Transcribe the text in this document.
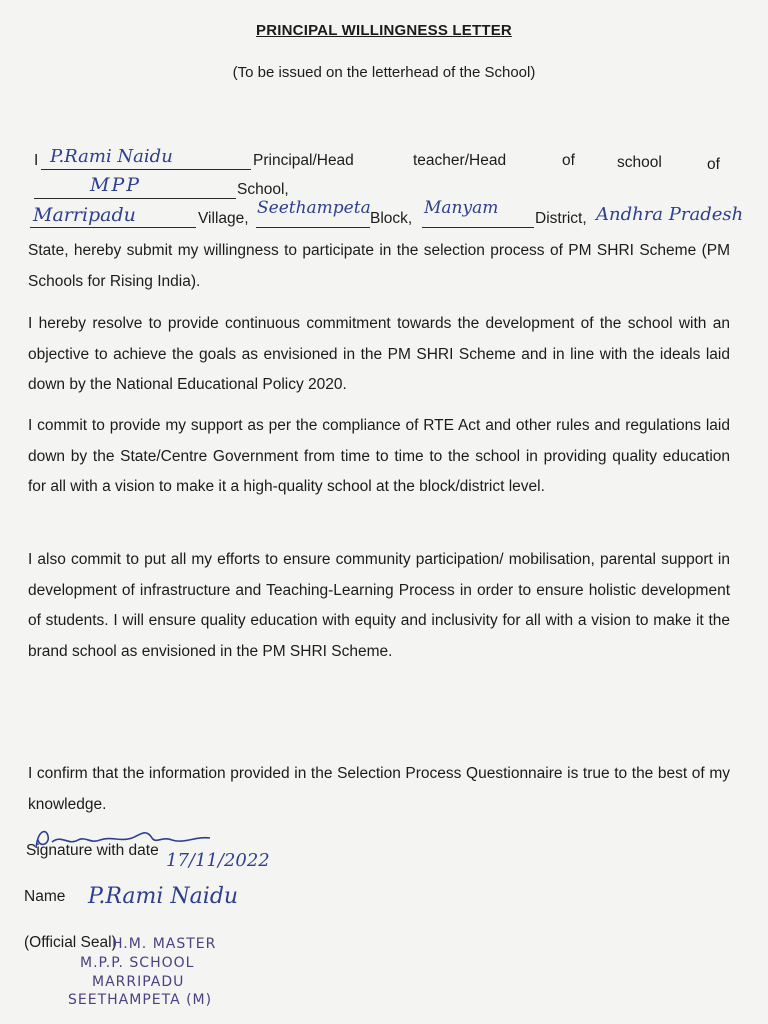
PRINCIPAL WILLINGNESS LETTER
(To be issued on the letterhead of the School)
I P.Rami Naidu	Principal/Head	teacher/Head	of	school	of
MPP	School,
Marripadu	Village,
Seethampeta
Block,
Manyam
District, Andhra Pradesh

State, hereby submit my willingness to participate in the selection process of PM SHRI Scheme (PM Schools for Rising India).

I hereby resolve to provide continuous commitment towards the development of the school with an objective to achieve the goals as envisioned in the PM SHRI Scheme and in line with the ideals laid down by the National Educational Policy 2020.

I commit to provide my support as per the compliance of RTE Act and other rules and regulations laid down by the State/Centre Government from time to time to the school in providing quality education for all with a vision to make it a high-quality school at the block/district level.

I also commit to put all my efforts to ensure community participation/ mobilisation, parental support in development of infrastructure and Teaching-Learning Process in order to ensure holistic development of students. I will ensure quality education with equity and inclusivity for all with a vision to make it the brand school as envisioned in the PM SHRI Scheme.

I confirm that the information provided in the Selection Process Questionnaire is true to the best of my knowledge.

Signature with date 17/11/2022
Name P.Rami Naidu
(Official Seal)
H.M. MASTER
M.P.P. SCHOOL
MARRIPADU
SEETHAMPETA (M)
